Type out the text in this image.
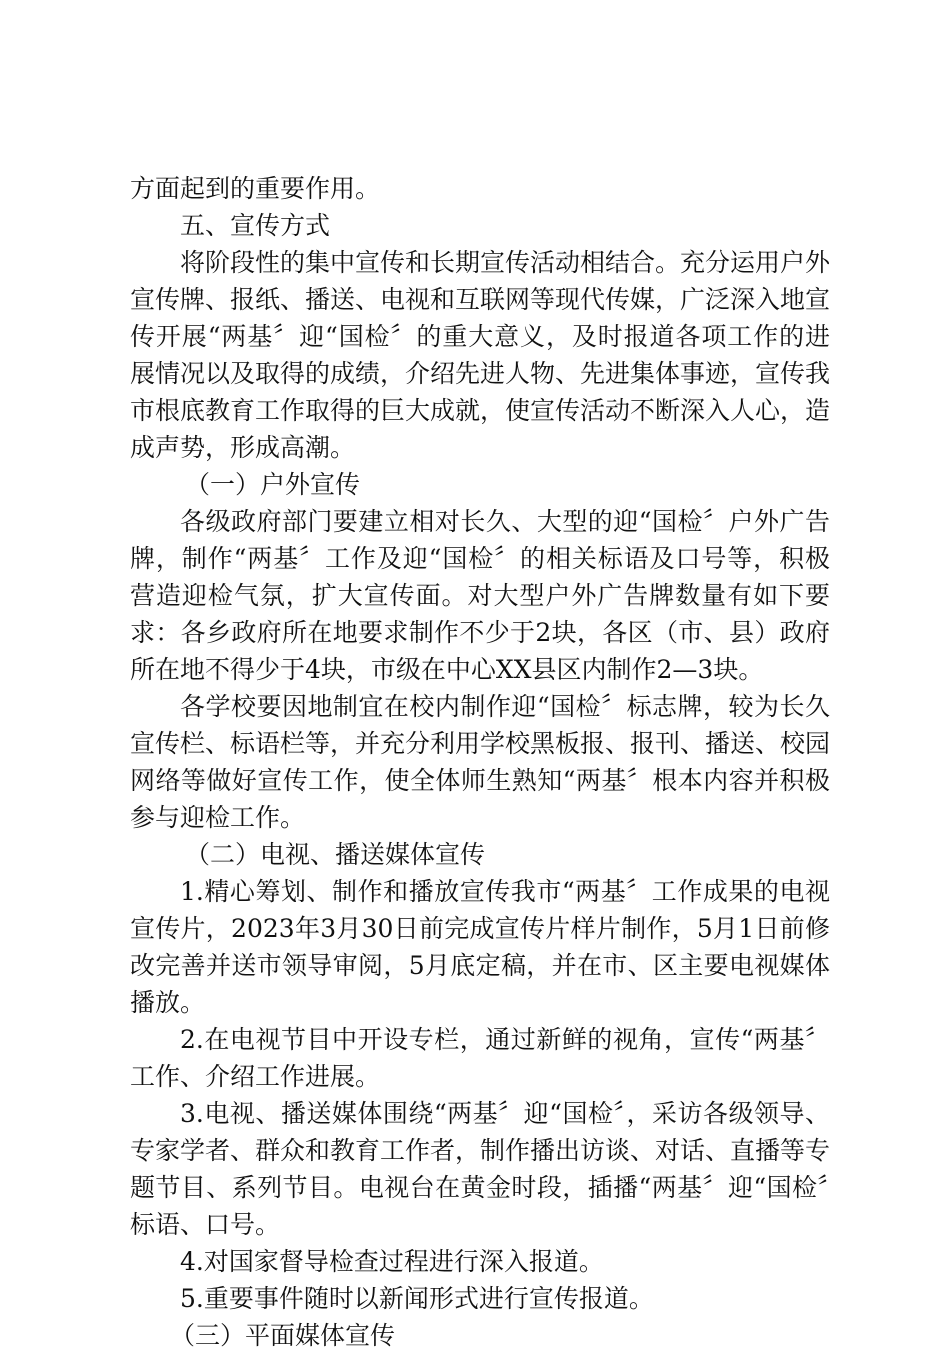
方面起到的重要作用。

五、宣传方式

将阶段性的集中宣传和长期宣传活动相结合。充分运用户外宣传牌、报纸、播送、电视和互联网等现代传媒，广泛深入地宣传开展“两基〞迎“国检〞的重大意义，及时报道各项工作的进展情况以及取得的成绩，介绍先进人物、先进集体事迹，宣传我市根底教育工作取得的巨大成就，使宣传活动不断深入人心，造成声势，形成高潮。

（一）户外宣传

各级政府部门要建立相对长久、大型的迎“国检〞户外广告牌，制作“两基〞工作及迎“国检〞的相关标语及口号等，积极营造迎检气氛，扩大宣传面。对大型户外广告牌数量有如下要求：各乡政府所在地要求制作不少于2块，各区（市、县）政府所在地不得少于4块，市级在中心XX县区内制作2—3块。

各学校要因地制宜在校内制作迎“国检〞标志牌，较为长久宣传栏、标语栏等，并充分利用学校黑板报、报刊、播送、校园网络等做好宣传工作，使全体师生熟知“两基〞根本内容并积极参与迎检工作。

（二）电视、播送媒体宣传

1.精心筹划、制作和播放宣传我市“两基〞工作成果的电视宣传片，2023年3月30日前完成宣传片样片制作，5月1日前修改完善并送市领导审阅，5月底定稿，并在市、区主要电视媒体播放。

2.在电视节目中开设专栏，通过新鲜的视角，宣传“两基〞工作、介绍工作进展。

3.电视、播送媒体围绕“两基〞迎“国检〞，采访各级领导、专家学者、群众和教育工作者，制作播出访谈、对话、直播等专题节目、系列节目。电视台在黄金时段，插播“两基〞迎“国检〞标语、口号。

4.对国家督导检查过程进行深入报道。

5.重要事件随时以新闻形式进行宣传报道。

（三）平面媒体宣传
